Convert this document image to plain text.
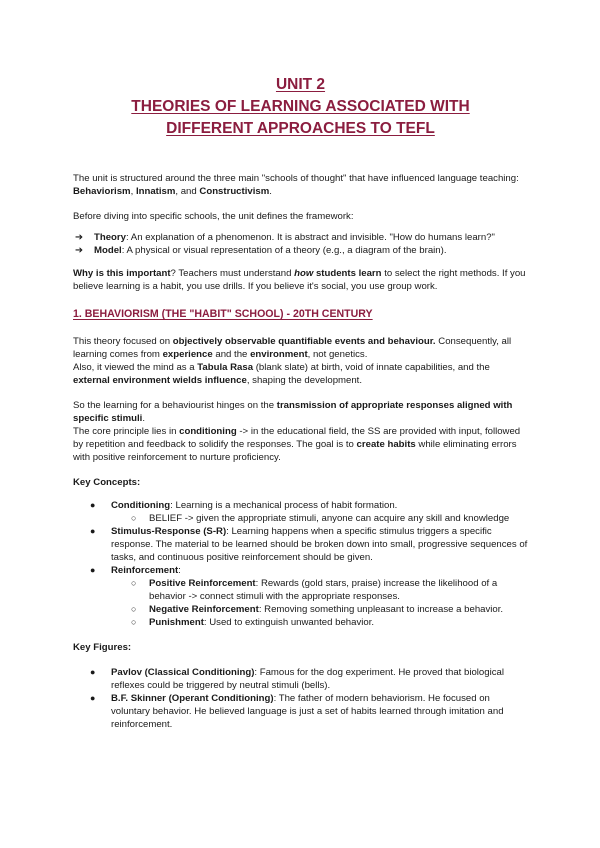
UNIT 2
THEORIES OF LEARNING ASSOCIATED WITH
DIFFERENT APPROACHES TO TEFL

The unit is structured around the three main "schools of thought" that have influenced language teaching: Behaviorism, Innatism, and Constructivism.

Before diving into specific schools, the unit defines the framework:

➔ Theory: An explanation of a phenomenon. It is abstract and invisible. "How do humans learn?"
➔ Model: A physical or visual representation of a theory (e.g., a diagram of the brain).

Why is this important? Teachers must understand how students learn to select the right methods. If you believe learning is a habit, you use drills. If you believe it's social, you use group work.

1. BEHAVIORISM (THE "HABIT" SCHOOL) - 20TH CENTURY

This theory focused on objectively observable quantifiable events and behaviour. Consequently, all learning comes from experience and the environment, not genetics.

Also, it viewed the mind as a Tabula Rasa (blank slate) at birth, void of innate capabilities, and the external environment wields influence, shaping the development.

So the learning for a behaviourist hinges on the transmission of appropriate responses aligned with specific stimuli.

The core principle lies in conditioning -> in the educational field, the SS are provided with input, followed by repetition and feedback to solidify the responses. The goal is to create habits while eliminating errors with positive reinforcement to nurture proficiency.

Key Concepts:

● Conditioning: Learning is a mechanical process of habit formation.
○ BELIEF -> given the appropriate stimuli, anyone can acquire any skill and knowledge
● Stimulus-Response (S-R): Learning happens when a specific stimulus triggers a specific response. The material to be learned should be broken down into small, progressive sequences of tasks, and continuous positive reinforcement should be given.
● Reinforcement:
○ Positive Reinforcement: Rewards (gold stars, praise) increase the likelihood of a behavior -> connect stimuli with the appropriate responses.
○ Negative Reinforcement: Removing something unpleasant to increase a behavior.
○ Punishment: Used to extinguish unwanted behavior.

Key Figures:

● Pavlov (Classical Conditioning): Famous for the dog experiment. He proved that biological reflexes could be triggered by neutral stimuli (bells).
● B.F. Skinner (Operant Conditioning): The father of modern behaviorism. He focused on voluntary behavior. He believed language is just a set of habits learned through imitation and reinforcement.
